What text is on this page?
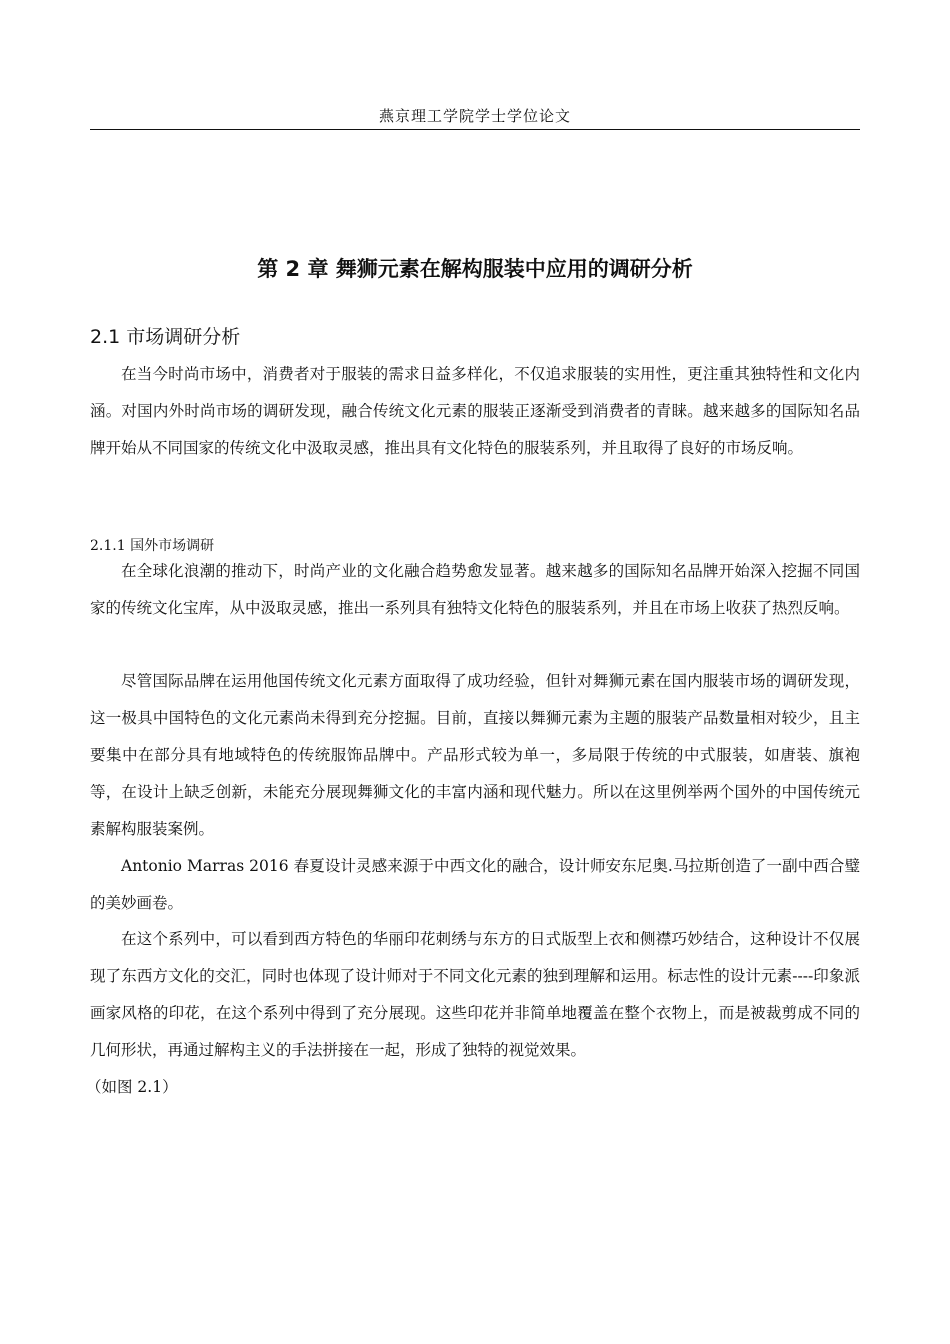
燕京理工学院学士学位论文
第 2 章 舞狮元素在解构服装中应用的调研分析
2.1 市场调研分析

在当今时尚市场中，消费者对于服装的需求日益多样化，不仅追求服装的实用性，更注重其独特性和文化内涵。对国内外时尚市场的调研发现，融合传统文化元素的服装正逐渐受到消费者的青睐。越来越多的国际知名品牌开始从不同国家的传统文化中汲取灵感，推出具有文化特色的服装系列，并且取得了良好的市场反响。

2.1.1 国外市场调研

在全球化浪潮的推动下，时尚产业的文化融合趋势愈发显著。越来越多的国际知名品牌开始深入挖掘不同国家的传统文化宝库，从中汲取灵感，推出一系列具有独特文化特色的服装系列，并且在市场上收获了热烈反响。

尽管国际品牌在运用他国传统文化元素方面取得了成功经验，但针对舞狮元素在国内服装市场的调研发现，这一极具中国特色的文化元素尚未得到充分挖掘。目前，直接以舞狮元素为主题的服装产品数量相对较少，且主要集中在部分具有地域特色的传统服饰品牌中。产品形式较为单一，多局限于传统的中式服装，如唐装、旗袍等，在设计上缺乏创新，未能充分展现舞狮文化的丰富内涵和现代魅力。所以在这里例举两个国外的中国传统元素解构服装案例。

Antonio Marras 2016 春夏设计灵感来源于中西文化的融合，设计师安东尼奥.马拉斯创造了一副中西合璧的美妙画卷。

在这个系列中，可以看到西方特色的华丽印花刺绣与东方的日式版型上衣和侧襟巧妙结合，这种设计不仅展现了东西方文化的交汇，同时也体现了设计师对于不同文化元素的独到理解和运用。标志性的设计元素----印象派画家风格的印花，在这个系列中得到了充分展现。这些印花并非简单地覆盖在整个衣物上，而是被裁剪成不同的几何形状，再通过解构主义的手法拼接在一起，形成了独特的视觉效果。

（如图 2.1）
